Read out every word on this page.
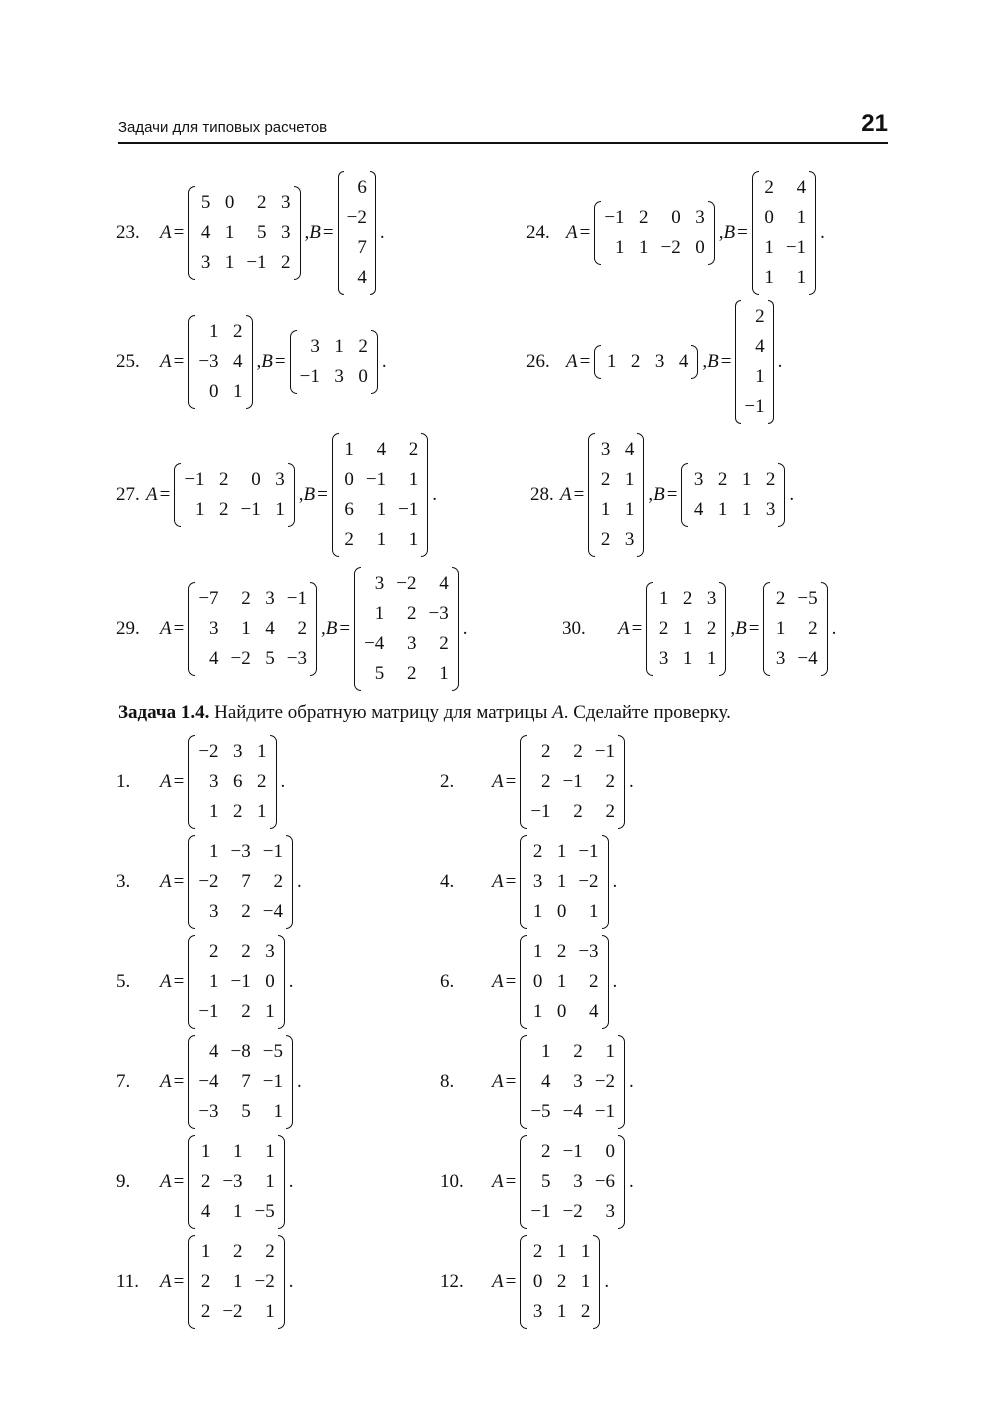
Задачи для типовых расчетов	21
23.	A =
5 0	2 3
4 1	5 3
3 1 −1 2
, B =
6
−2
7
4
.	24. A =
−1 2	0 3
1 1 −2 0
, B =
2	4
0	1
1 −1
1	1
.
25.	A =
1 2
−3 4
0 1
, B =
3 1 2
−1 3 0
.	26. A = 1 2 3 4 , B =
2
4
1
−1
.
27. A =
−1 2	0 3
1 2 −1 1
, B =
1	4	2
0 −1	1
6	1 −1
2	1	1
.	28. A =
3 4
2 1
1 1
2 3
, B =
3 2 1 2
4 1 1 3
.
29.	A =
−7	2 3 −1
3	1 4	2
4 −2 5 −3
, B =
3 −2	4
1	2 −3
−4	3	2
5	2	1
.	30.	A =
1 2 3
2 1 2
3 1 1
, B =
2 −5
1	2
3 −4
.
Задача 1.4. Найдите обратную матрицу для матрицы A. Сделайте проверку.
1.	A =
−2 3 1
3 6 2
1 2 1
.	2.	A =
2	2 −1
2 −1	2
−1	2	2
.
3.	A =
1 −3 −1
−2	7	2
3	2 −4
.	4.	A =
2 1 −1
3 1 −2
1 0	1
.
5.	A =
2	2 3
1 −1 0
−1	2 1
.	6.	A =
1 2 −3
0 1	2
1 0	4
.
7.	A =
4 −8 −5
−4	7 −1
−3	5	1
.	8.	A =
1	2	1
4	3 −2
−5 −4 −1
.
9.	A =
1	1	1
2 −3	1
4	1 −5
.	10.	A =
2 −1	0
5	3 −6
−1 −2	3
.
11.	A =
1	2	2
2	1 −2
2 −2	1
.	12.	A =
2 1 1
0 2 1
3 1 2
.
